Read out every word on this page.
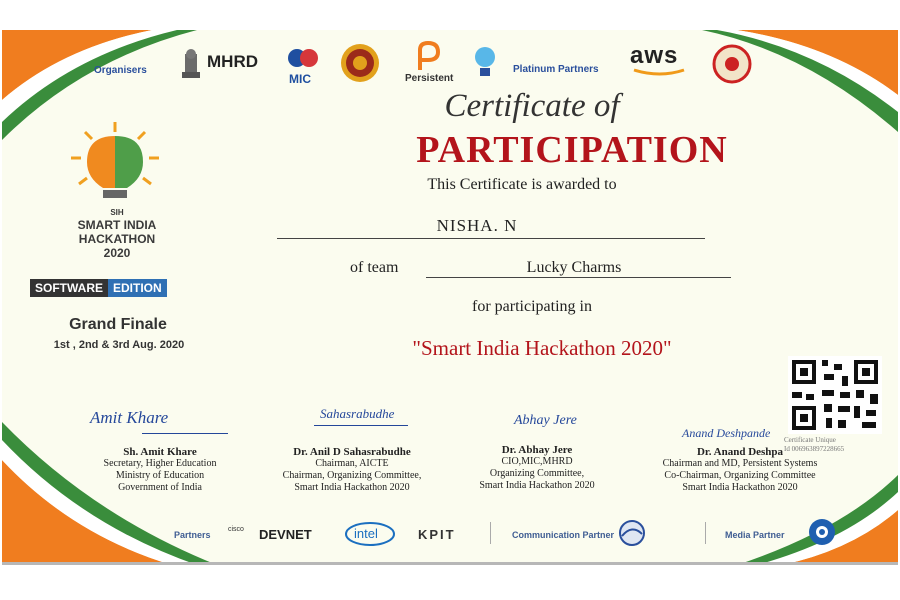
Organisers	MHRD
MIC	Persistent
Platinum Partners
aws
SIH
SMART INDIA
HACKATHON
2020
SOFTWARE EDITION
Grand Finale
1st , 2nd & 3rd Aug. 2020
Certificate of
PARTICIPATION
This Certificate is awarded to
NISHA. N
of team	Lucky Charms
for participating in
"Smart India Hackathon 2020"
Certificate Unique
Id 006963897228665
Amit Khare
Sh. Amit Khare
Secretary, Higher Education
Ministry of Education
Government of India
Sahasrabudhe
Dr. Anil D Sahasrabudhe
Chairman, AICTE
Chairman, Organizing Committee,
Smart India Hackathon 2020
Abhay Jere
Dr. Abhay Jere
CIO,MIC,MHRD
Organizing Committee,
Smart India Hackathon 2020
Anand Deshpande
Dr. Anand Deshpa
Chairman and MD, Persistent Systems
Co-Chairman, Organizing Committee
Smart India Hackathon 2020
Partners
cisco DEVNET	intel	KPIT	Communication Partner	Media Partner
